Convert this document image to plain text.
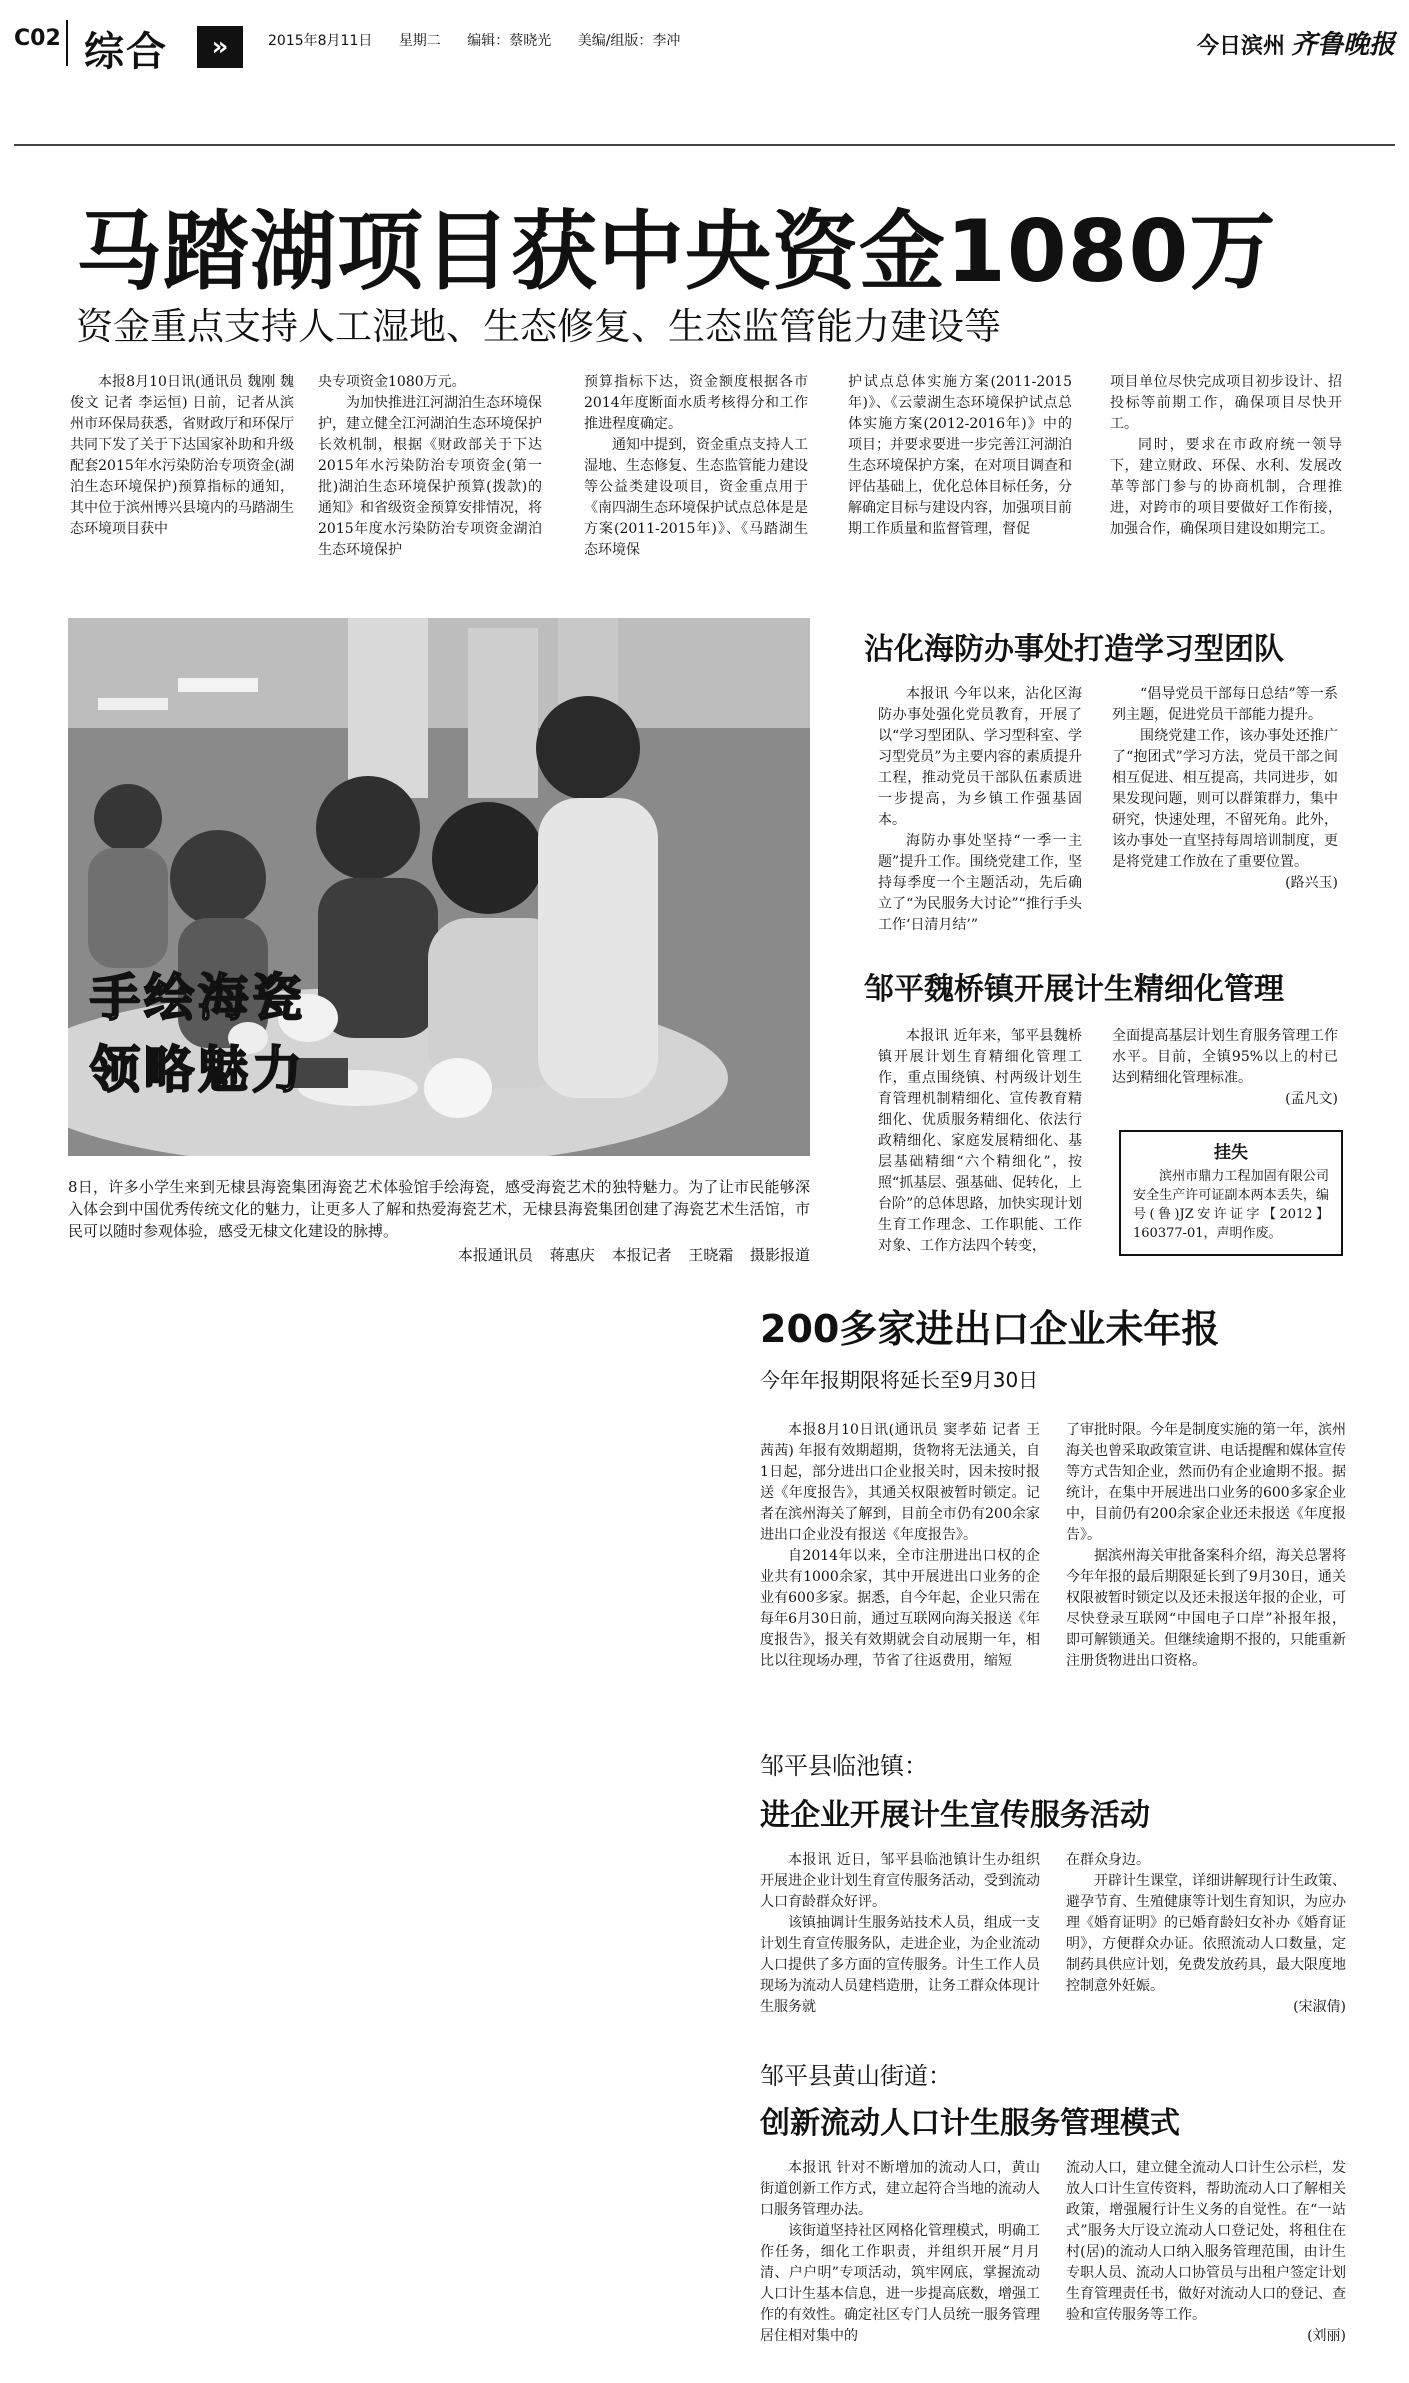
C02 综合	»	2015年8月11日 星期二 编辑：蔡晓光 美编/组版：李冲	今日滨州 齐鲁晚报
马踏湖项目获中央资金1080万
资金重点支持人工湿地、生态修复、生态监管能力建设等

本报8月10日讯(通讯员 魏刚 魏俊文 记者 李运恒) 日前，记者从滨州市环保局获悉，省财政厅和环保厅共同下发了关于下达国家补助和升级配套2015年水污染防治专项资金(湖泊生态环境保护)预算指标的通知，其中位于滨州博兴县境内的马踏湖生态环境项目获中

央专项资金1080万元。

为加快推进江河湖泊生态环境保护，建立健全江河湖泊生态环境保护长效机制，根据《财政部关于下达2015年水污染防治专项资金(第一批)湖泊生态环境保护预算(拨款)的通知》和省级资金预算安排情况，将2015年度水污染防治专项资金湖泊生态环境保护

预算指标下达，资金额度根据各市2014年度断面水质考核得分和工作推进程度确定。

通知中提到，资金重点支持人工湿地、生态修复、生态监管能力建设等公益类建设项目，资金重点用于《南四湖生态环境保护试点总体是是方案(2011-2015年)》、《马踏湖生态环境保

护试点总体实施方案(2011-2015年)》、《云蒙湖生态环境保护试点总体实施方案(2012-2016年)》中的项目；并要求要进一步完善江河湖泊生态环境保护方案，在对项目调查和评估基础上，优化总体目标任务，分解确定目标与建设内容，加强项目前期工作质量和监督管理，督促

项目单位尽快完成项目初步设计、招投标等前期工作，确保项目尽快开工。

同时，要求在市政府统一领导下，建立财政、环保、水利、发展改革等部门参与的协商机制，合理推进，对跨市的项目要做好工作衔接，加强合作，确保项目建设如期完工。

手绘海瓷
领略魅力
8日，许多小学生来到无棣县海瓷集团海瓷艺术体验馆手绘海瓷，感受海瓷艺术的独特魅力。为了让市民能够深入体会到中国优秀传统文化的魅力，让更多人了解和热爱海瓷艺术，无棣县海瓷集团创建了海瓷艺术生活馆，市民可以随时参观体验，感受无棣文化建设的脉搏。
本报通讯员 蒋惠庆 本报记者 王晓霜 摄影报道
沾化海防办事处打造学习型团队

本报讯 今年以来，沾化区海防办事处强化党员教育，开展了以“学习型团队、学习型科室、学习型党员”为主要内容的素质提升工程，推动党员干部队伍素质进一步提高，为乡镇工作强基固本。

海防办事处坚持“一季一主题”提升工作。围绕党建工作，坚持每季度一个主题活动，先后确立了“为民服务大讨论”“推行手头工作‘日清月结’”

“倡导党员干部每日总结”等一系列主题，促进党员干部能力提升。

围绕党建工作，该办事处还推广了“抱团式”学习方法，党员干部之间相互促进、相互提高，共同进步，如果发现问题，则可以群策群力，集中研究，快速处理，不留死角。此外，该办事处一直坚持每周培训制度，更是将党建工作放在了重要位置。

(路兴玉)

邹平魏桥镇开展计生精细化管理

本报讯 近年来，邹平县魏桥镇开展计划生育精细化管理工作，重点围绕镇、村两级计划生育管理机制精细化、宣传教育精细化、优质服务精细化、依法行政精细化、家庭发展精细化、基层基础精细“六个精细化”，按照“抓基层、强基础、促转化，上台阶”的总体思路，加快实现计划生育工作理念、工作职能、工作对象、工作方法四个转变，

全面提高基层计划生育服务管理工作水平。目前，全镇95%以上的村已达到精细化管理标准。

(孟凡文)

挂失
滨州市鼎力工程加固有限公司安全生产许可证副本两本丢失，编号(鲁)JZ安许证字【2012】160377-01，声明作废。
200多家进出口企业未年报
今年年报期限将延长至9月30日

本报8月10日讯(通讯员 窦孝茹 记者 王茜茜) 年报有效期超期，货物将无法通关，自1日起，部分进出口企业报关时，因未按时报送《年度报告》，其通关权限被暂时锁定。记者在滨州海关了解到，目前全市仍有200余家进出口企业没有报送《年度报告》。

自2014年以来，全市注册进出口权的企业共有1000余家，其中开展进出口业务的企业有600多家。据悉，自今年起，企业只需在每年6月30日前，通过互联网向海关报送《年度报告》，报关有效期就会自动展期一年，相比以往现场办理，节省了往返费用，缩短

了审批时限。今年是制度实施的第一年，滨州海关也曾采取政策宣讲、电话提醒和媒体宣传等方式告知企业，然而仍有企业逾期不报。据统计，在集中开展进出口业务的600多家企业中，目前仍有200余家企业还未报送《年度报告》。

据滨州海关审批备案科介绍，海关总署将今年年报的最后期限延长到了9月30日，通关权限被暂时锁定以及还未报送年报的企业，可尽快登录互联网“中国电子口岸”补报年报，即可解锁通关。但继续逾期不报的，只能重新注册货物进出口资格。

邹平县临池镇：
进企业开展计生宣传服务活动

本报讯 近日，邹平县临池镇计生办组织开展进企业计划生育宣传服务活动，受到流动人口育龄群众好评。

该镇抽调计生服务站技术人员，组成一支计划生育宣传服务队，走进企业，为企业流动人口提供了多方面的宣传服务。计生工作人员现场为流动人员建档造册，让务工群众体现计生服务就

在群众身边。

开辟计生课堂，详细讲解现行计生政策、避孕节育、生殖健康等计划生育知识，为应办理《婚育证明》的已婚育龄妇女补办《婚育证明》，方便群众办证。依照流动人口数量，定制药具供应计划，免费发放药具，最大限度地控制意外妊娠。

(宋淑倩)

邹平县黄山街道：
创新流动人口计生服务管理模式

本报讯 针对不断增加的流动人口，黄山街道创新工作方式，建立起符合当地的流动人口服务管理办法。

该街道坚持社区网格化管理模式，明确工作任务，细化工作职责，并组织开展“月月清、户户明”专项活动，筑牢网底，掌握流动人口计生基本信息，进一步提高底数，增强工作的有效性。确定社区专门人员统一服务管理居住相对集中的

流动人口，建立健全流动人口计生公示栏，发放人口计生宣传资料，帮助流动人口了解相关政策，增强履行计生义务的自觉性。在“一站式”服务大厅设立流动人口登记处，将租住在村(居)的流动人口纳入服务管理范围，由计生专职人员、流动人口协管员与出租户签定计划生育管理责任书，做好对流动人口的登记、查验和宣传服务等工作。

(刘丽)
